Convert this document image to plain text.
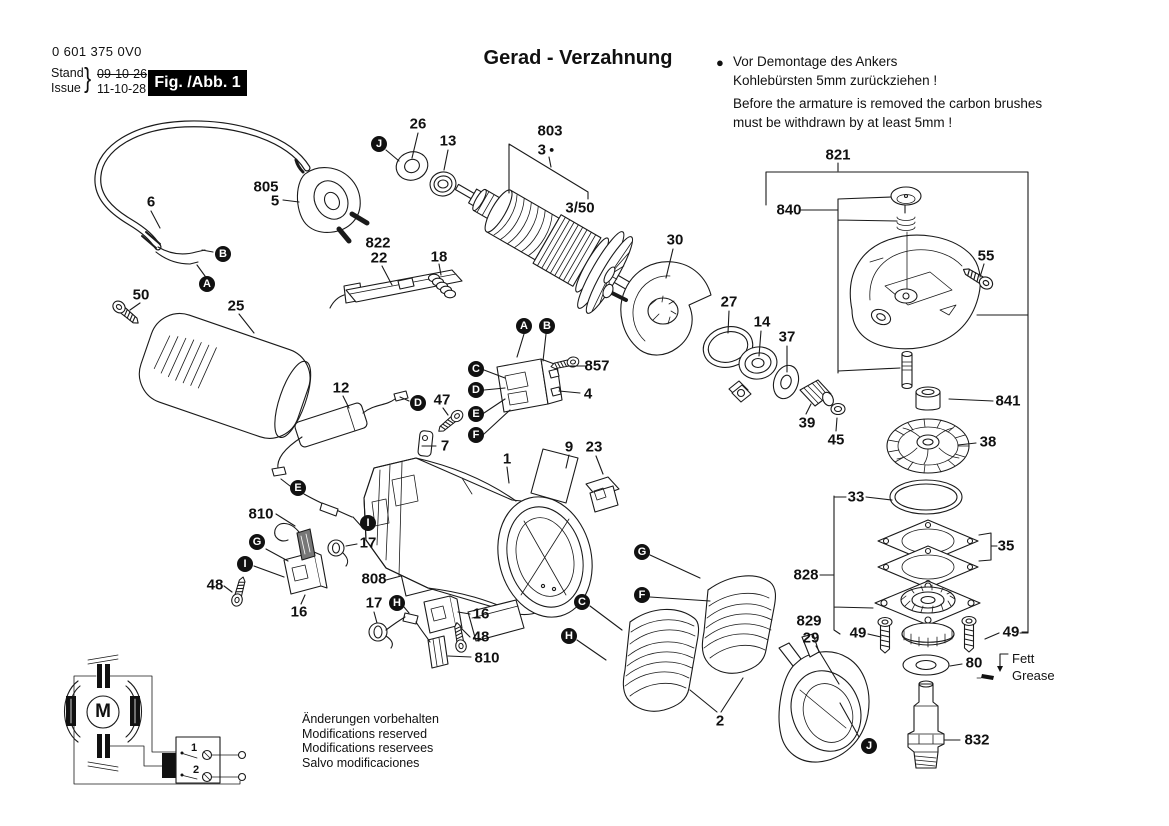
0 601 375 0V0
Stand
Issue } 09-10-26
11-10-28 Fig. /Abb. 1
Gerad - Verzahnung	● Vor Demontage des Ankers
Kohlebürsten 5mm zurückziehen !
Before the armature is removed the carbon brushes
must be withdrawn by at least 5mm !
Änderungen vorbehalten
Modifications reserved
Modifications reservees
Salvo modificaciones
Fett
Grease
26
13
803
3 ●
3/50
805
5
6
50
25
822
22	18
30
27
14
37
39
45
821
840
55
841
38
33
35
828
49	49
829
29
80
832
857
4
47
7
12
810
17
48
16
808
17
16
48
810
1
9 23
2
M
1
2
J
B
A
A	B
C
D
E
F
D
E
I
G
I
H
G
F
C
H
J
